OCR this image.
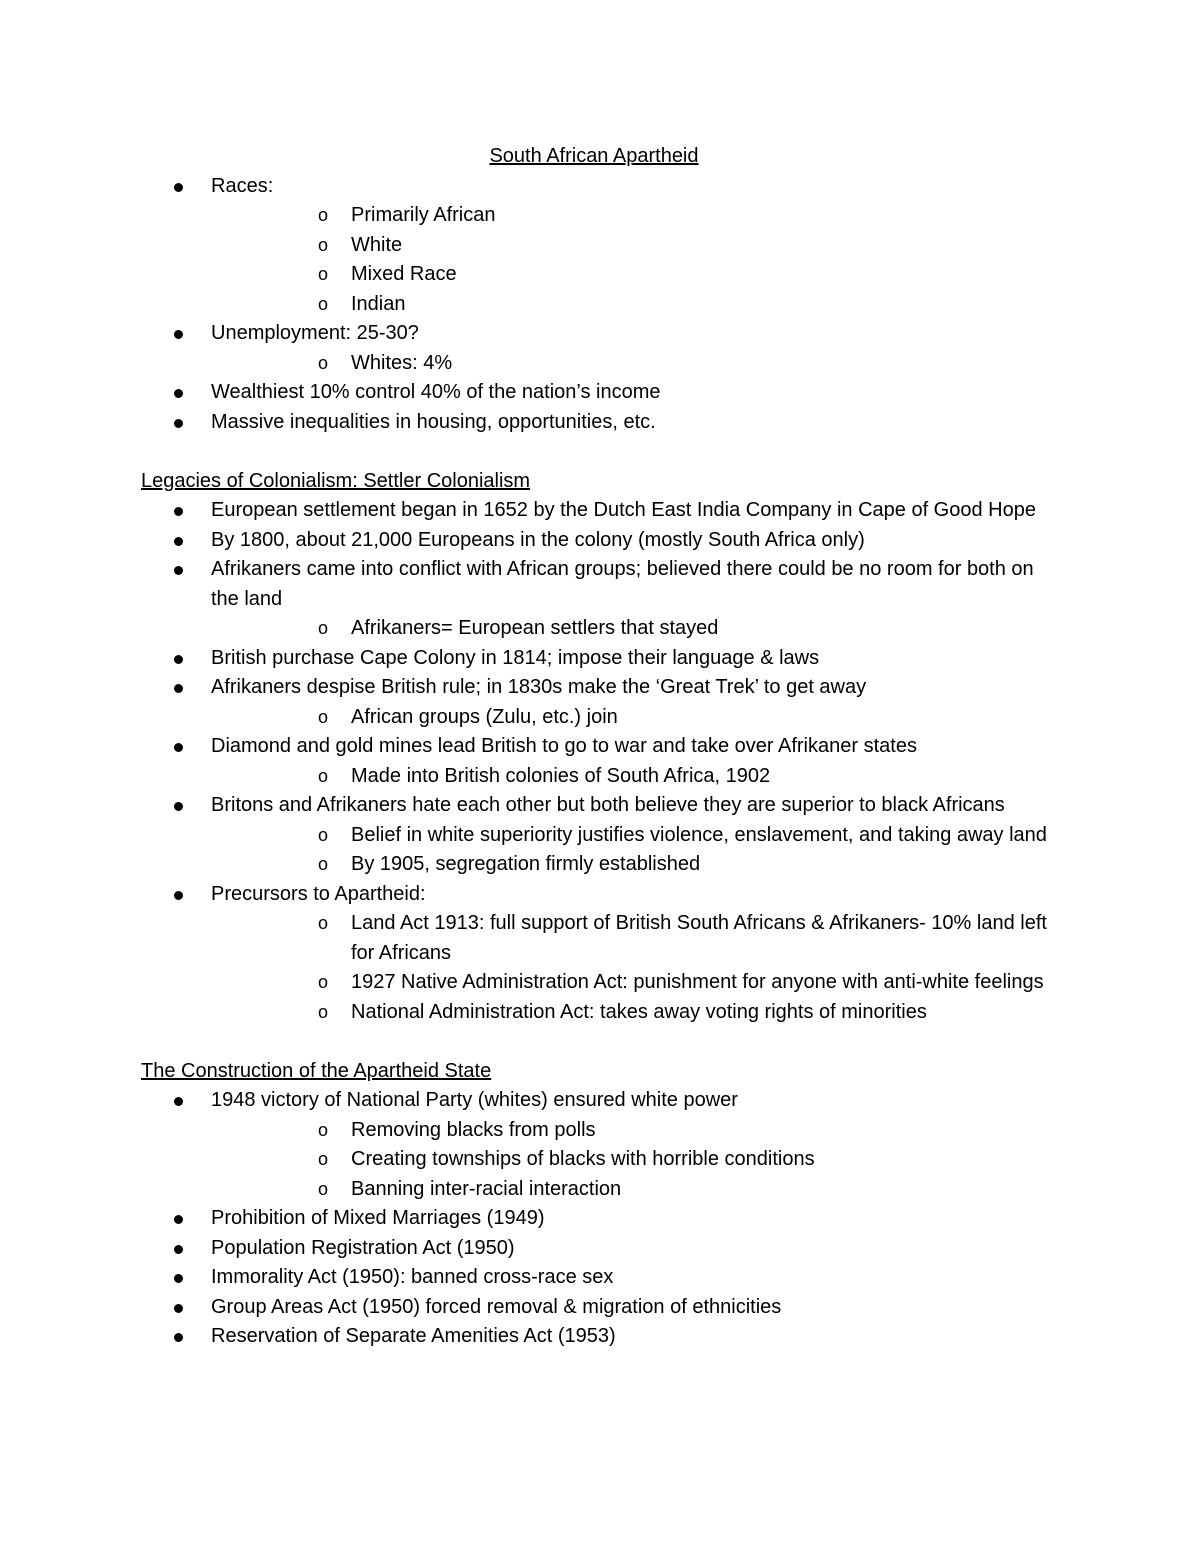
South African Apartheid

Races:
o Primarily African
o White
o Mixed Race
o Indian
Unemployment: 25-30?
o Whites: 4%
Wealthiest 10% control 40% of the nation’s income
Massive inequalities in housing, opportunities, etc.

Legacies of Colonialism: Settler Colonialism

European settlement began in 1652 by the Dutch East India Company in Cape of Good Hope
By 1800, about 21,000 Europeans in the colony (mostly South Africa only)
Afrikaners came into conflict with African groups; believed there could be no room for both on the land
o Afrikaners= European settlers that stayed
British purchase Cape Colony in 1814; impose their language & laws
Afrikaners despise British rule; in 1830s make the ‘Great Trek’ to get away
o African groups (Zulu, etc.) join
Diamond and gold mines lead British to go to war and take over Afrikaner states
o Made into British colonies of South Africa, 1902
Britons and Afrikaners hate each other but both believe they are superior to black Africans
o Belief in white superiority justifies violence, enslavement, and taking away land
o By 1905, segregation firmly established
Precursors to Apartheid:
o Land Act 1913: full support of British South Africans & Afrikaners- 10% land left for Africans
o 1927 Native Administration Act: punishment for anyone with anti-white feelings
o National Administration Act: takes away voting rights of minorities

The Construction of the Apartheid State

1948 victory of National Party (whites) ensured white power
o Removing blacks from polls
o Creating townships of blacks with horrible conditions
o Banning inter-racial interaction
Prohibition of Mixed Marriages (1949)
Population Registration Act (1950)
Immorality Act (1950): banned cross-race sex
Group Areas Act (1950) forced removal & migration of ethnicities
Reservation of Separate Amenities Act (1953)
